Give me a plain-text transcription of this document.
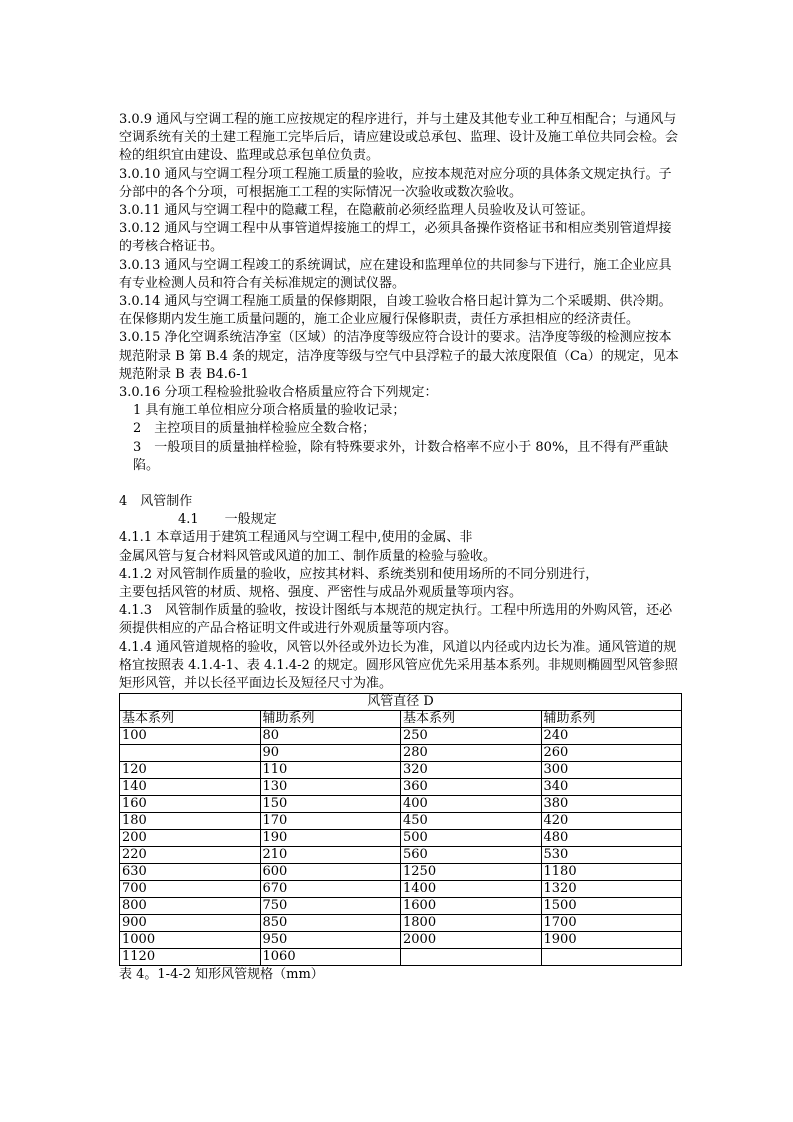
3.0.9 通风与空调工程的施工应按规定的程序进行，并与土建及其他专业工种互相配合；与通风与空调系统有关的土建工程施工完毕后后，请应建设或总承包、监理、设计及施工单位共同会检。会检的组织宜由建设、监理或总承包单位负责。

3.0.10 通风与空调工程分项工程施工质量的验收，应按本规范对应分项的具体条文规定执行。子分部中的各个分项，可根据施工工程的实际情况一次验收或数次验收。

3.0.11 通风与空调工程中的隐藏工程，在隐蔽前必须经监理人员验收及认可签证。

3.0.12 通风与空调工程中从事管道焊接施工的焊工，必须具备操作资格证书和相应类别管道焊接的考核合格证书。

3.0.13 通风与空调工程竣工的系统调试，应在建设和监理单位的共同参与下进行，施工企业应具有专业检测人员和符合有关标准规定的测试仪器。

3.0.14 通风与空调工程施工质量的保修期限，自竣工验收合格日起计算为二个采暖期、供冷期。在保修期内发生施工质量问题的，施工企业应履行保修职责，责任方承担相应的经济责任。

3.0.15 净化空调系统洁净室（区域）的洁净度等级应符合设计的要求。洁净度等级的检测应按本规范附录 B 第 B.4 条的规定，洁净度等级与空气中县浮粒子的最大浓度限值（Ca）的规定，见本规范附录 B 表 B4.6-1

3.0.16 分项工程检验批验收合格质量应符合下列规定：

1 具有施工单位相应分项合格质量的验收记录；

2　主控项目的质量抽样检验应全数合格；

3　一般项目的质量抽样检验，除有特殊要求外，计数合格率不应小于 80%，且不得有严重缺陷。

4　风管制作

4.1　　一般规定

4.1.1 本章适用于建筑工程通风与空调工程中,使用的金属、非

金属风管与复合材料风管或风道的加工、制作质量的检验与验收。

4.1.2 对风管制作质量的验收，应按其材料、系统类别和使用场所的不同分别进行，

主要包括风管的材质、规格、强度、严密性与成品外观质量等项内容。

4.1.3　风管制作质量的验收，按设计图纸与本规范的规定执行。工程中所选用的外购风管，还必须提供相应的产品合格证明文件或进行外观质量等项内容。

4.1.4 通风管道规格的验收，风管以外径或外边长为准，风道以内径或内边长为准。通风管道的规格宜按照表 4.1.4-1、表 4.1.4-2 的规定。圆形风管应优先采用基本系列。非规则椭圆型风管参照矩形风管，并以长径平面边长及短径尺寸为准。

风管直径 D			
基本系列	辅助系列	基本系列	辅助系列
100	80	250	240
	90	280	260
120	110	320	300
140	130	360	340
160	150	400	380
180	170	450	420
200	190	500	480
220	210	560	530
630	600	1250	1180
700	670	1400	1320
800	750	1600	1500
900	850	1800	1700
1000	950	2000	1900
1120	1060		

表 4。1-4-2 知形风管规格（mm）
